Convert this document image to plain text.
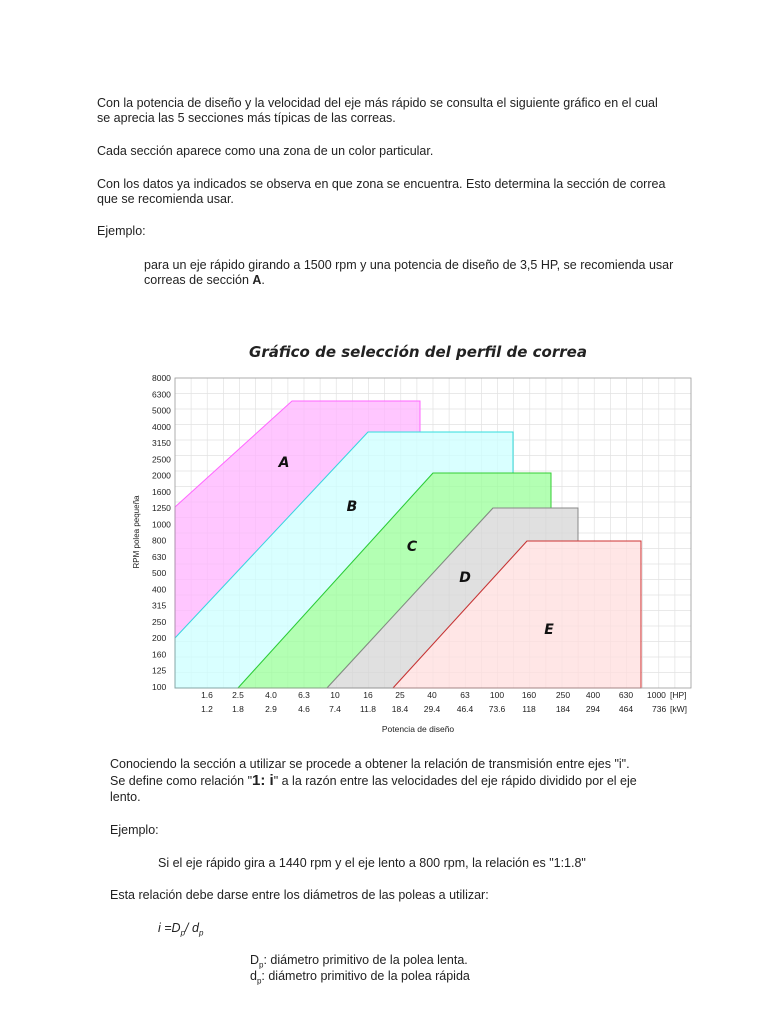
Con la potencia de diseño y la velocidad del eje más rápido se consulta el siguiente gráfico en el cual se aprecia las 5 secciones más típicas de las correas.

Cada sección aparece como una zona de un color particular.

Con los datos ya indicados se observa en que zona se encuentra. Esto determina la sección de correa que se recomienda usar.

Ejemplo:

para un eje rápido girando a 1500 rpm y una potencia de diseño de 3,5 HP, se recomienda usar correas de sección A.

Gráfico de selección del perfil de correa
A
B
C
D
E
8000
6300
5000
4000
3150
2500
2000
1600
1250
1000
800
630
500
400
315
250
200
160
125
100
1.6 2.5 4.0 6.3 10	16	25	40	63 100 160 250 400 630
1.2 1.8 2.9 4.6 7.4 11.8 18.4 29.4 46.4 73.6 118 184 294 464
1000
736
RPM polea pequeña
Potencia de diseño
[HP]
[kW]

Conociendo la sección a utilizar se procede a obtener la relación de transmisión entre ejes "i".

Se define como relación "1: i" a la razón entre las velocidades del eje rápido dividido por el eje

lento.

Ejemplo:

Si el eje rápido gira a 1440 rpm y el eje lento a 800 rpm, la relación es "1:1.8"

Esta relación debe darse entre los diámetros de las poleas a utilizar:

$i =D_p/$ $d_p$

$D_p$: diámetro primitivo de la polea lenta.

$d_p$: diámetro primitivo de la polea rápida
